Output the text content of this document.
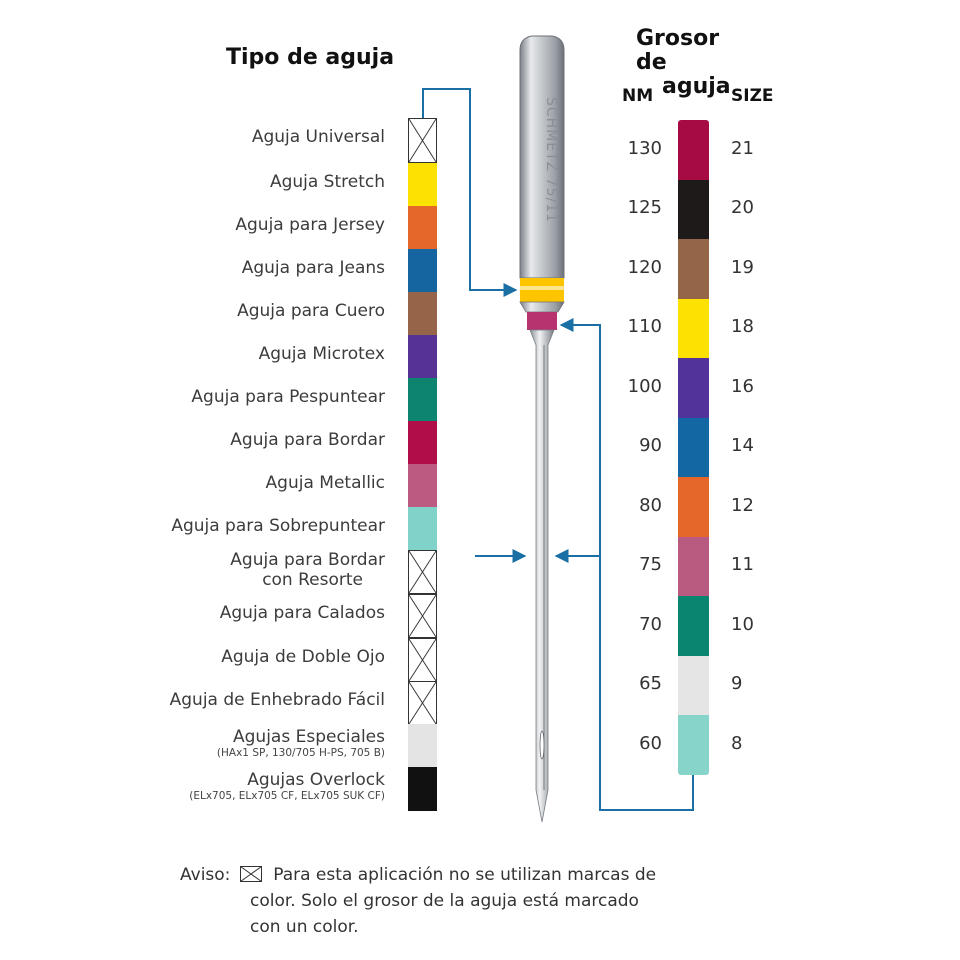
Tipo de aguja
Grosor de
aguja
NM	SIZE
Aguja Universal
Aguja Stretch
Aguja para Jersey
Aguja para Jeans
Aguja para Cuero
Aguja Microtex
Aguja para Pespuntear
Aguja para Bordar
Aguja Metallic
Aguja para Sobrepuntear
Aguja para Bordar
con Resorte
Aguja para Calados
Aguja de Doble Ojo
Aguja de Enhebrado Fácil
Agujas Especiales
(HAx1 SP, 130/705 H-PS, 705 B)
Agujas Overlock
(ELx705, ELx705 CF, ELx705 SUK CF)
130	21
125	20
120	19
110	18
100	16
90	14
80	12
75	11
70	10
65	9
60	8
SCHMETZ 75/11
Aviso:	Para esta aplicación no se utilizan marcas de
color. Solo el grosor de la aguja está marcado
con un color.
